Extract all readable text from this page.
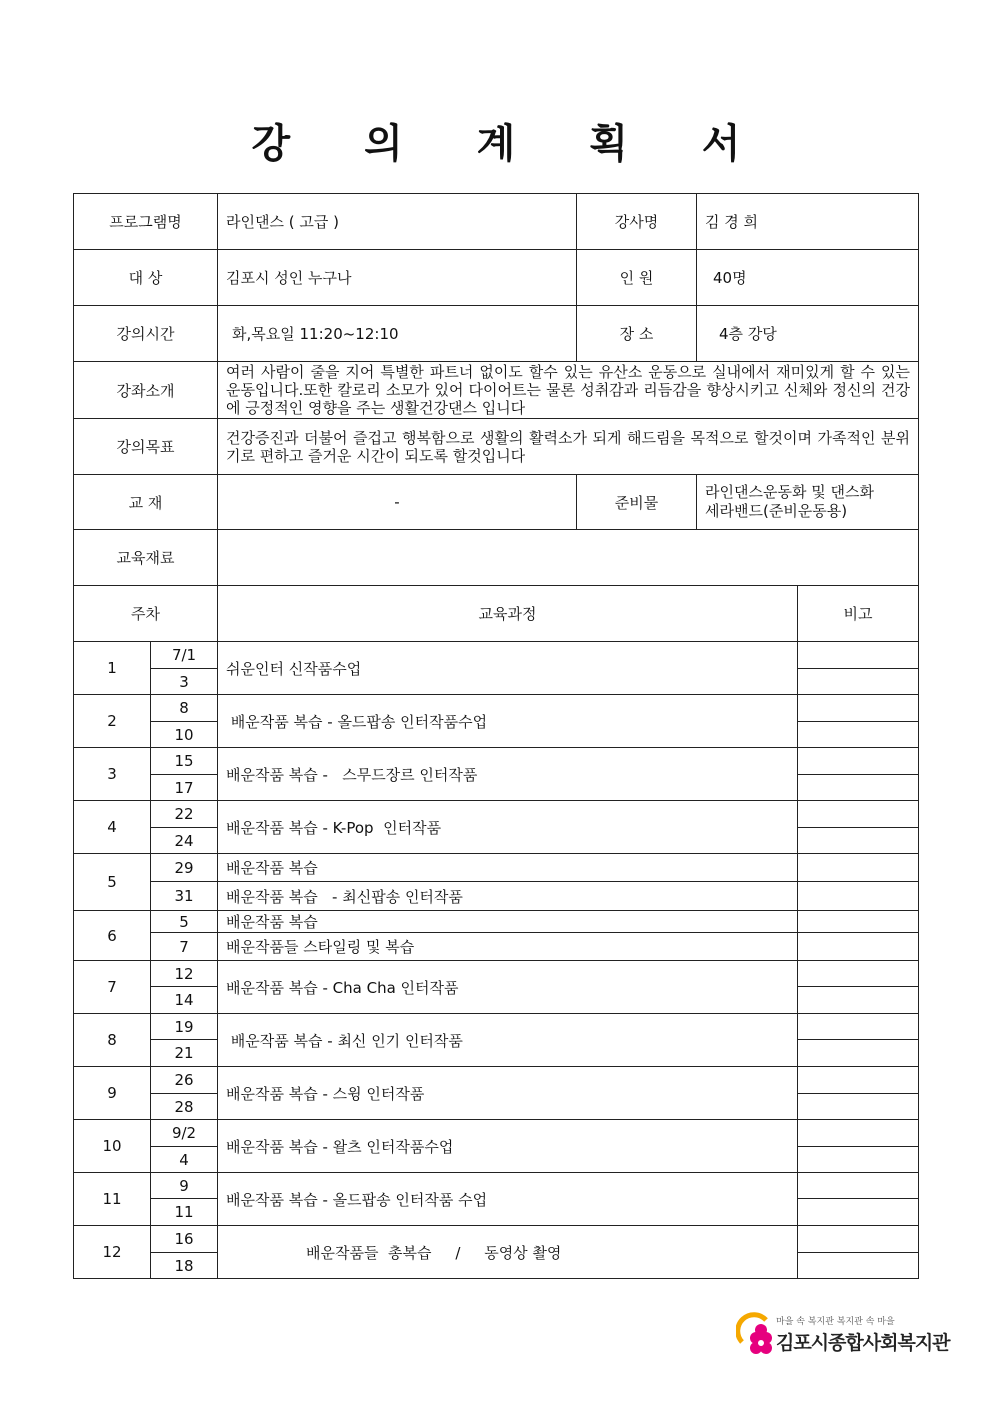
강 의 계 획 서
프로그램명		라인댄스 ( 고급 )	강사명	김 경 희	
대 상		김포시 성인 누구나	인 원	40명	
강의시간		화,목요일 11:20~12:10	장 소	4층 강당	
강좌소개		여러 사람이 줄을 지어 특별한 파트너 없이도 할수 있는 유산소 운동으로 실내에서 재미있게 할 수 있는 운동입니다.또한 칼로리 소모가 있어 다이어트는 물론 성취감과 리듬감을 향상시키고 신체와 정신의 건강에 긍정적인 영향을 주는 생활건강댄스 입니다			
강의목표		건강증진과 더불어 즐겁고 행복함으로 생활의 활력소가 되게 해드림을 목적으로 할것이며 가족적인 분위기로 편하고 즐거운 시간이 되도록 할것입니다			
교 재		-	준비물	라인댄스운동화 및 댄스화
세라밴드(준비운동용)	

교육재료					
주차		교육과정			비고
1	7/1	쉬운인터 신작품수업			
	3				
2	8	배운작품 복습 - 올드팝송 인터작품수업			
	10				
3	15	배운작품 복습 -   스무드장르 인터작품			
	17				
4	22	배운작품 복습 - K-Pop  인터작품			
	24				
5	29	배운작품 복습			
	31	배운작품 복습   - 최신팝송 인터작품			
6	5	배운작품 복습			
	7	배운작품들 스타일링 및 복습			
7	12	배운작품 복습 - Cha Cha 인터작품			
	14				
8	19	배운작품 복습 - 최신 인기 인터작품			
	21				
9	26	배운작품 복습 - 스윙 인터작품			
	28				
10	9/2	배운작품 복습 - 왈츠 인터작품수업			
	4				
11	9	배운작품 복습 - 올드팝송 인터작품 수업			
	11				
12	16	배운작품들  총복습     /     동영상 촬영			
	18				
마을 속 복지관 복지관 속 마을
김포시종합사회복지관
